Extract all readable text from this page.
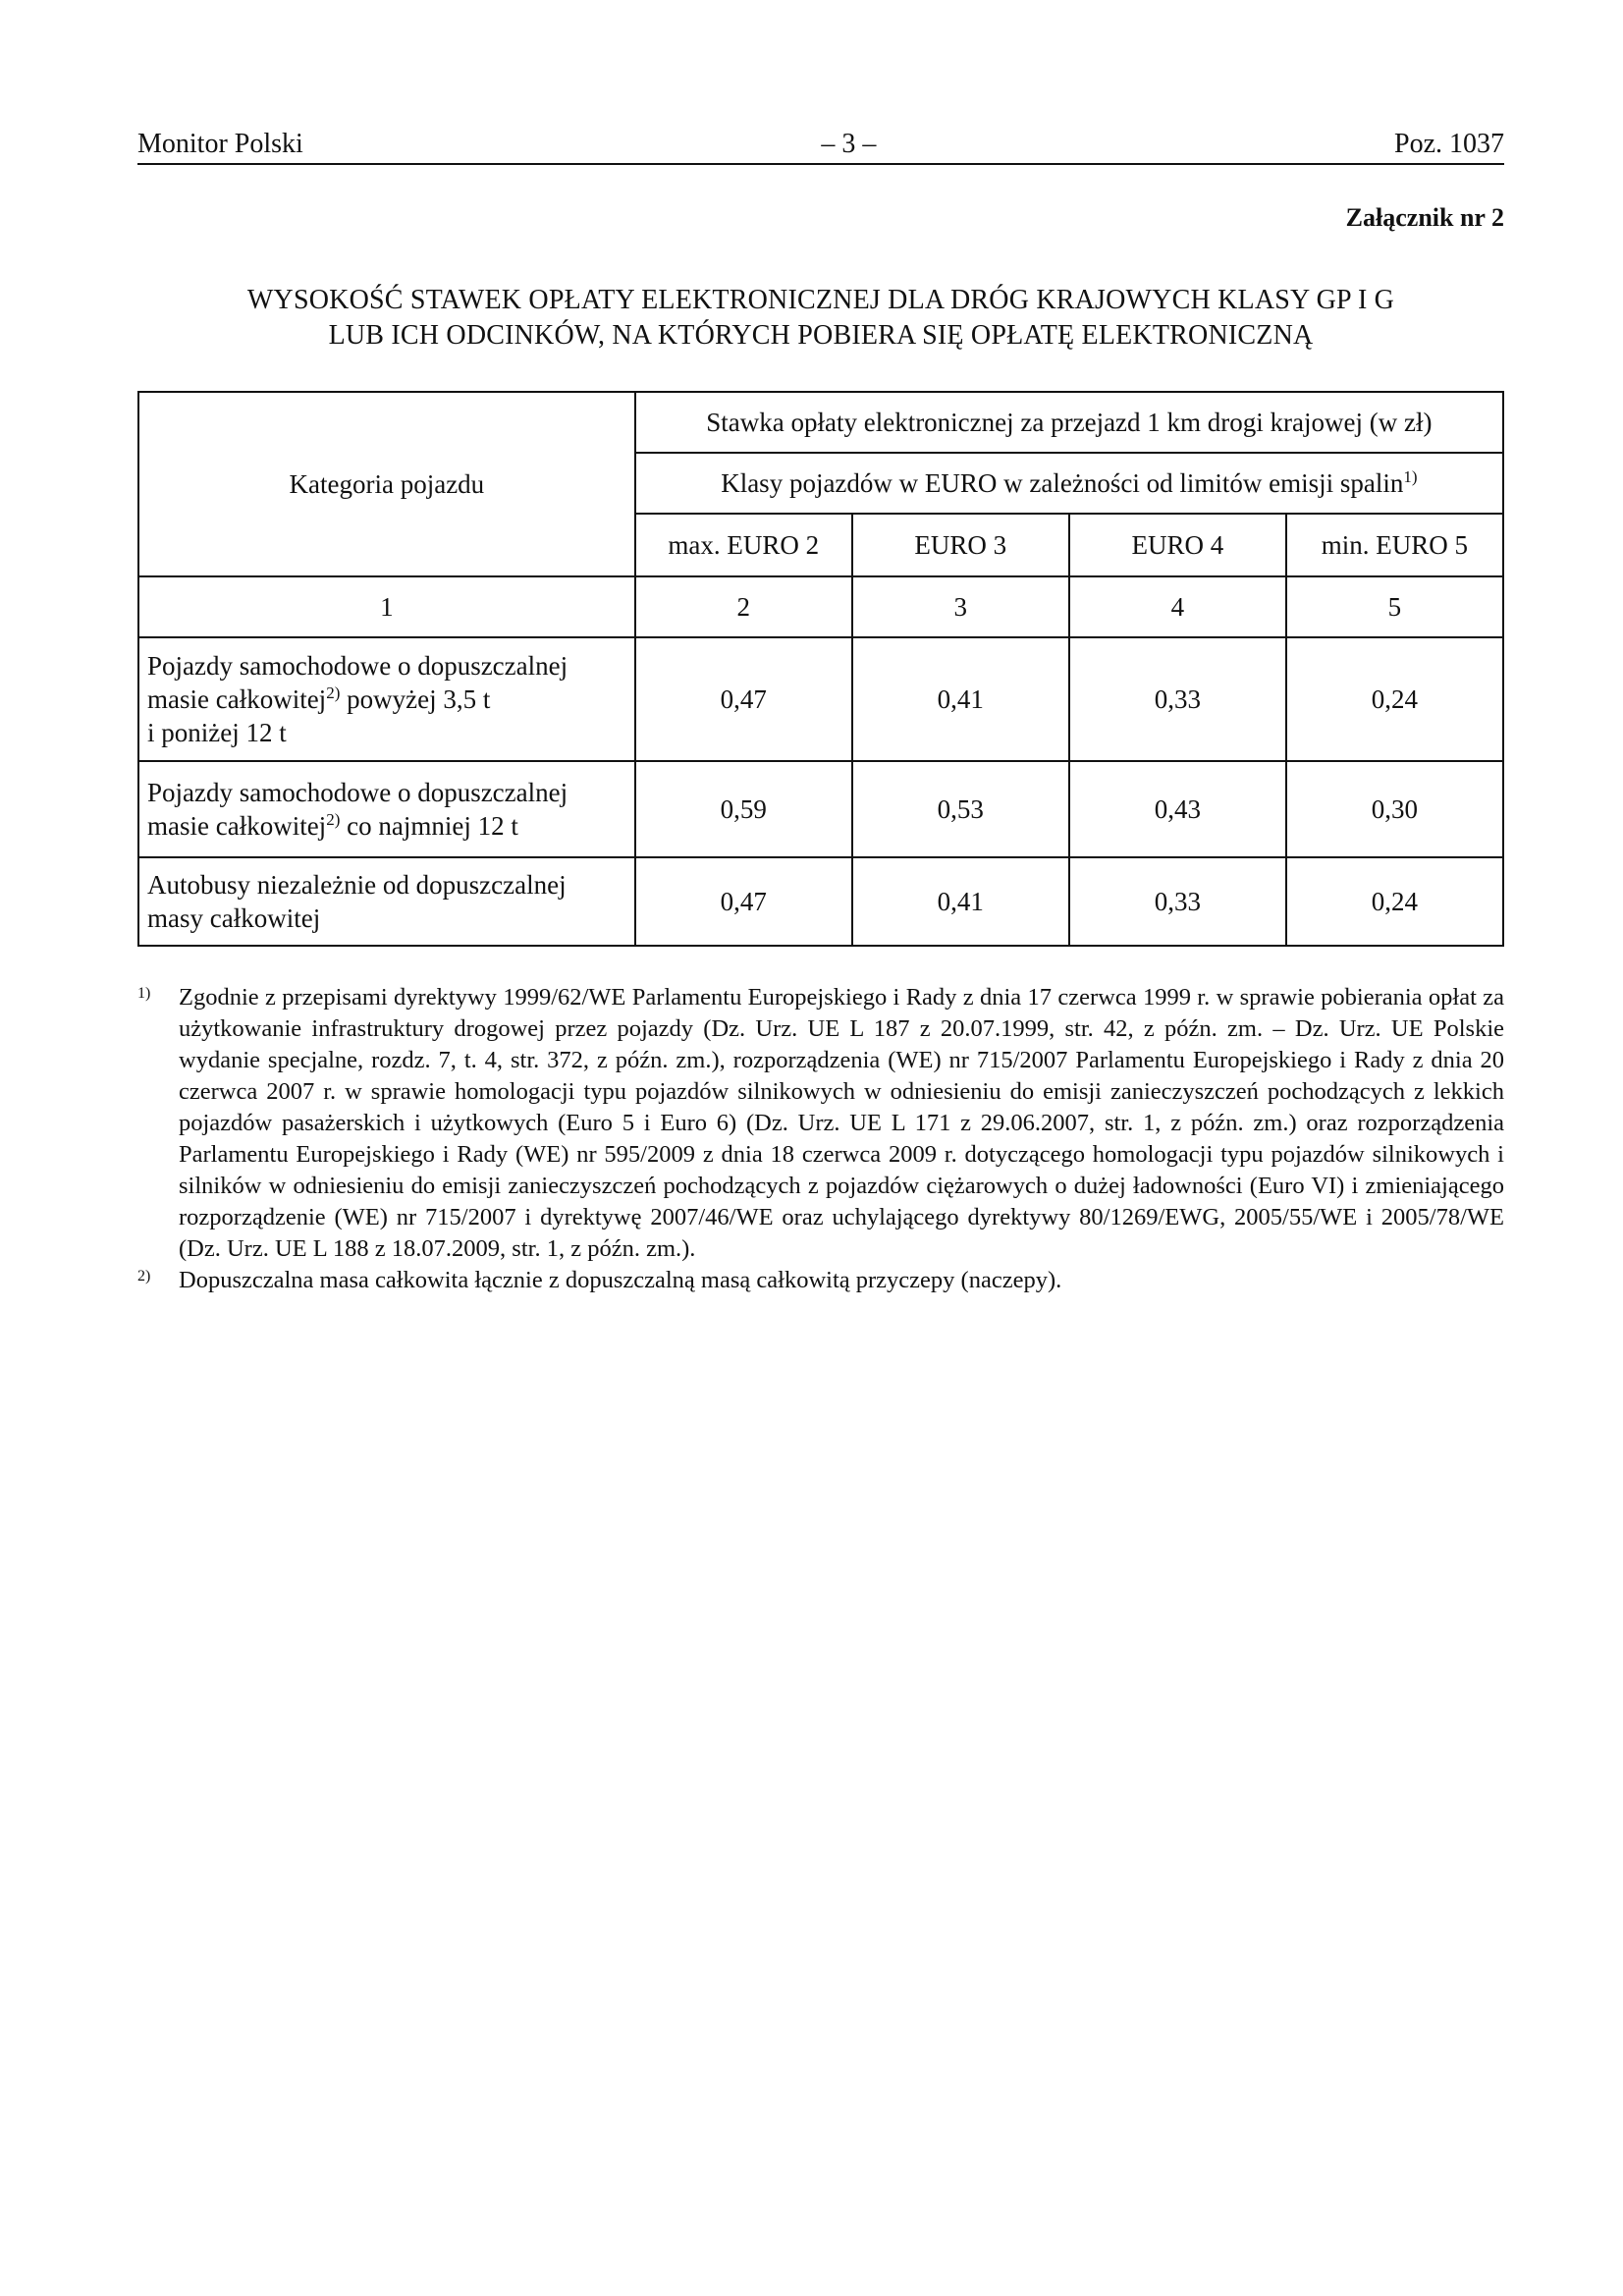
Monitor Polski	– 3 –	Poz. 1037
Załącznik nr 2
WYSOKOŚĆ STAWEK OPŁATY ELEKTRONICZNEJ DLA DRÓG KRAJOWYCH KLASY GP I G
LUB ICH ODCINKÓW, NA KTÓRYCH POBIERA SIĘ OPŁATĘ ELEKTRONICZNĄ
Kategoria pojazdu	Stawka opłaty elektronicznej za przejazd 1 km drogi krajowej (w zł)			
	Klasy pojazdów w EURO w zależności od limitów emisji spalin$^{1)}$
	max. EURO 2	EURO 3	EURO 4	min. EURO 5
1	2	3	4	5

Pojazdy samochodowe o dopuszczalnej
masie całkowitej$^{2)}$ powyżej 3,5 t
i poniżej 12 t	0,47	0,41	0,33	0,24

Pojazdy samochodowe o dopuszczalnej
masie całkowitej$^{2)}$ co najmniej 12 t	0,59	0,53	0,43	0,30

Autobusy niezależnie od dopuszczalnej
masy całkowitej	0,47	0,41	0,33	0,24
1)	Zgodnie z przepisami dyrektywy 1999/62/WE Parlamentu Europejskiego i Rady z dnia 17 czerwca 1999 r. w sprawie pobierania opłat za użytkowanie infrastruktury drogowej przez pojazdy (Dz. Urz. UE L 187 z 20.07.1999, str. 42, z późn. zm. – Dz. Urz. UE Polskie wydanie specjalne, rozdz. 7, t. 4, str. 372, z późn. zm.), rozporządzenia (WE) nr 715/2007 Parlamentu Europejskiego i Rady z dnia 20 czerwca 2007 r. w sprawie homologacji typu pojazdów silnikowych w odniesieniu do emisji zanieczyszczeń pochodzących z lekkich pojazdów pasażerskich i użytkowych (Euro 5 i Euro 6) (Dz. Urz. UE L 171 z 29.06.2007, str. 1, z późn. zm.) oraz rozporządzenia Parlamentu Europejskiego i Rady (WE) nr 595/2009 z dnia 18 czerwca 2009 r. dotyczącego homologacji typu pojazdów silnikowych i silników w odniesieniu do emisji zanieczyszczeń pochodzących z pojazdów ciężarowych o dużej ładowności (Euro VI) i zmieniającego rozporządzenie (WE) nr 715/2007 i dyrektywę 2007/46/WE oraz uchylającego dyrektywy 80/1269/EWG, 2005/55/WE i 2005/78/WE (Dz. Urz. UE L 188 z 18.07.2009, str. 1, z późn. zm.).
2)	Dopuszczalna masa całkowita łącznie z dopuszczalną masą całkowitą przyczepy (naczepy).
